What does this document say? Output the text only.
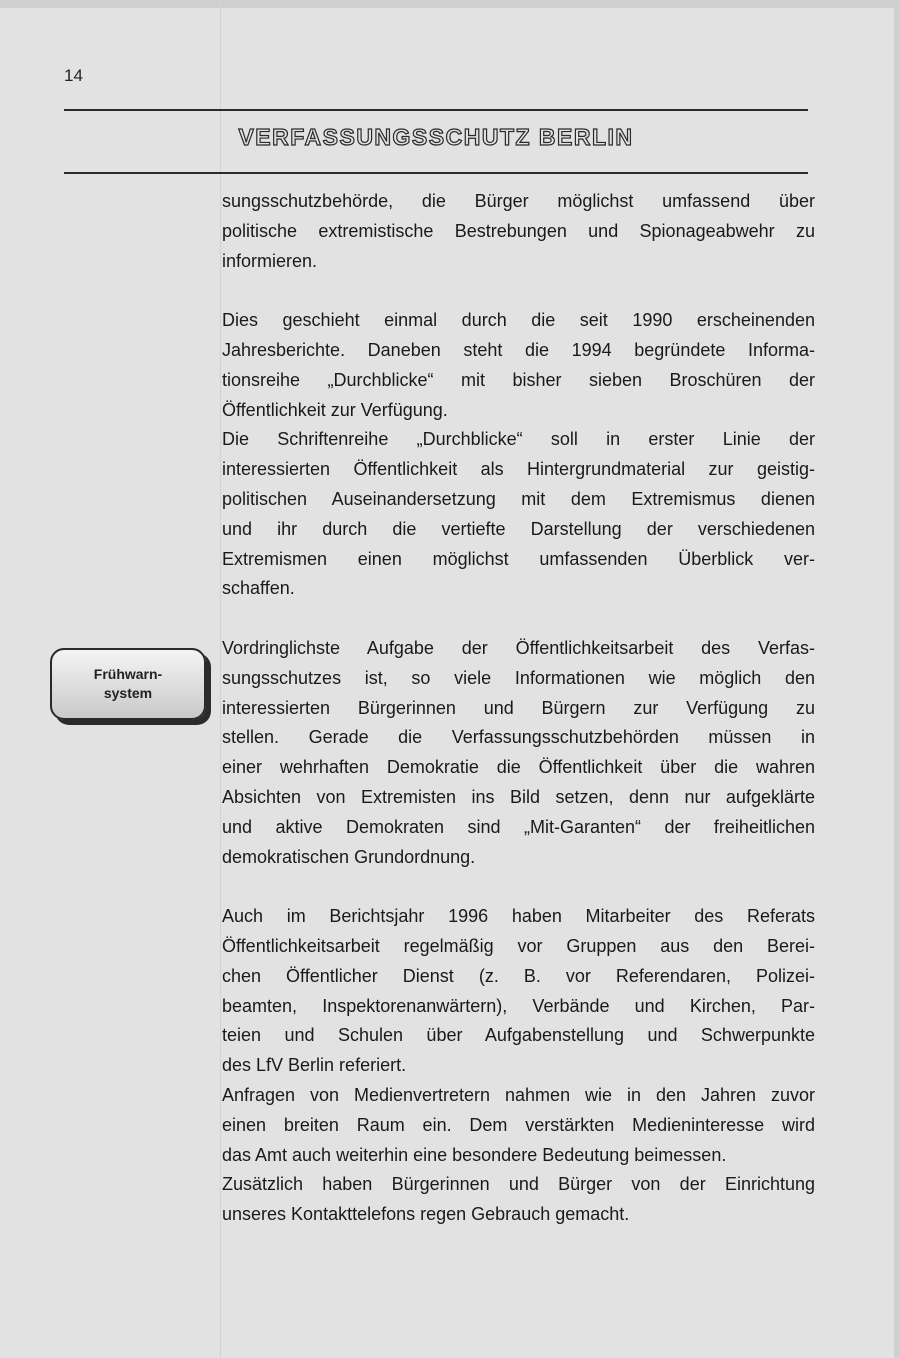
14
VERFASSUNGSSCHUTZ BERLIN
Frühwarn-
system

sungsschutzbehörde, die Bürger möglichst umfassend über
politische extremistische Bestrebungen und Spionageabwehr zu
informieren.

Dies geschieht einmal durch die seit 1990 erscheinenden
Jahresberichte. Daneben steht die 1994 begründete Informa-
tionsreihe „Durchblicke“ mit bisher sieben Broschüren der
Öffentlichkeit zur Verfügung.

Die Schriftenreihe „Durchblicke“ soll in erster Linie der
interessierten Öffentlichkeit als Hintergrundmaterial zur geistig-
politischen Auseinandersetzung mit dem Extremismus dienen
und ihr durch die vertiefte Darstellung der verschiedenen
Extremismen einen möglichst umfassenden Überblick ver-
schaffen.

Vordringlichste Aufgabe der Öffentlichkeitsarbeit des Verfas-
sungsschutzes ist, so viele Informationen wie möglich den
interessierten Bürgerinnen und Bürgern zur Verfügung zu
stellen. Gerade die Verfassungsschutzbehörden müssen in
einer wehrhaften Demokratie die Öffentlichkeit über die wahren
Absichten von Extremisten ins Bild setzen, denn nur aufgeklärte
und aktive Demokraten sind „Mit-Garanten“ der freiheitlichen
demokratischen Grundordnung.

Auch im Berichtsjahr 1996 haben Mitarbeiter des Referats
Öffentlichkeitsarbeit regelmäßig vor Gruppen aus den Berei-
chen Öffentlicher Dienst (z. B. vor Referendaren, Polizei-
beamten, Inspektorenanwärtern), Verbände und Kirchen, Par-
teien und Schulen über Aufgabenstellung und Schwerpunkte
des LfV Berlin referiert.

Anfragen von Medienvertretern nahmen wie in den Jahren zuvor
einen breiten Raum ein. Dem verstärkten Medieninteresse wird
das Amt auch weiterhin eine besondere Bedeutung beimessen.

Zusätzlich haben Bürgerinnen und Bürger von der Einrichtung
unseres Kontakttelefons regen Gebrauch gemacht.
